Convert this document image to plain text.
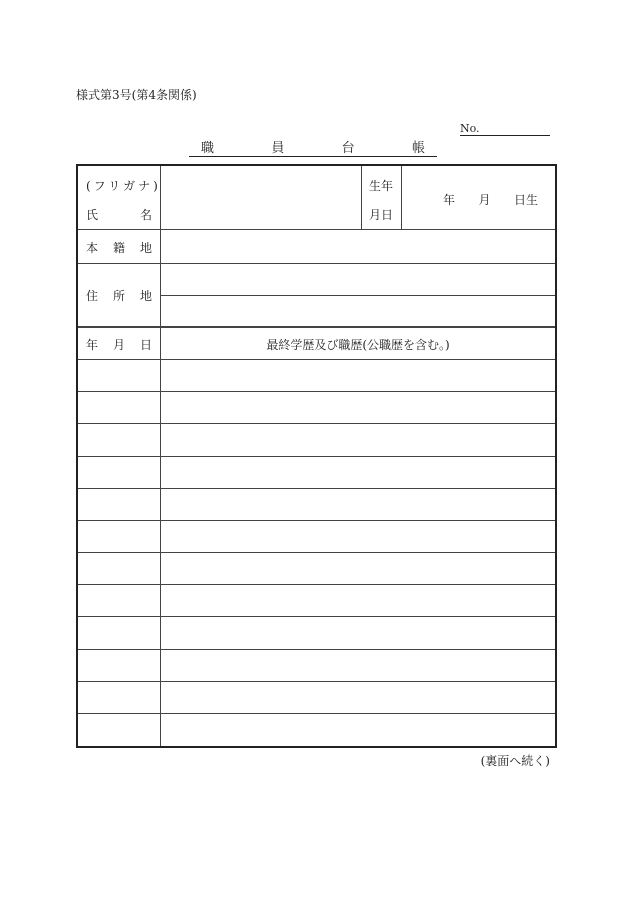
様式第3号(第4条関係)
No.
職	員	台	帳
(フリガナ)
氏	名
生年
月日
年 月 日生
本 籍 地
住 所 地
年 月 日	最終学歴及び職歴(公職歴を含む。)
(裏面へ続く)
